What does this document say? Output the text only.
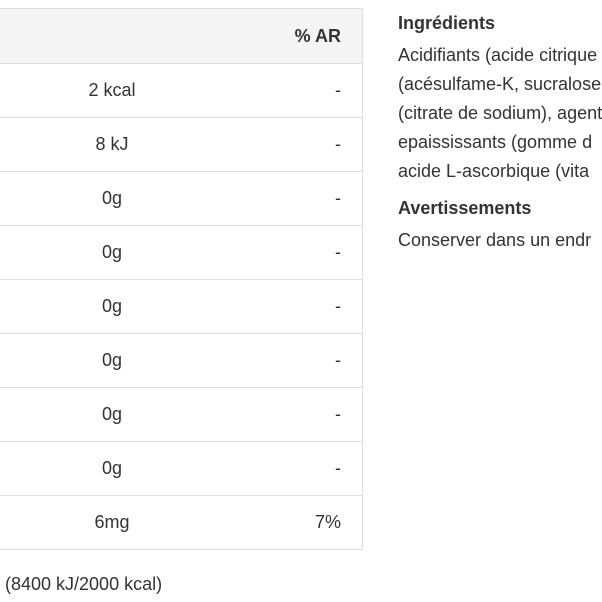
% AR
2 kcal	-
8 kJ	-
0g	-
0g	-
0g	-
0g	-
0g	-
0g	-
6mg	7%
(8400 kJ/2000 kcal)
Ingrédients
Acidifiants (acide citrique
(acésulfame-K, sucralose
(citrate de sodium), agent
epaississants (gomme d
acide L-ascorbique (vita
Avertissements
Conserver dans un endr
